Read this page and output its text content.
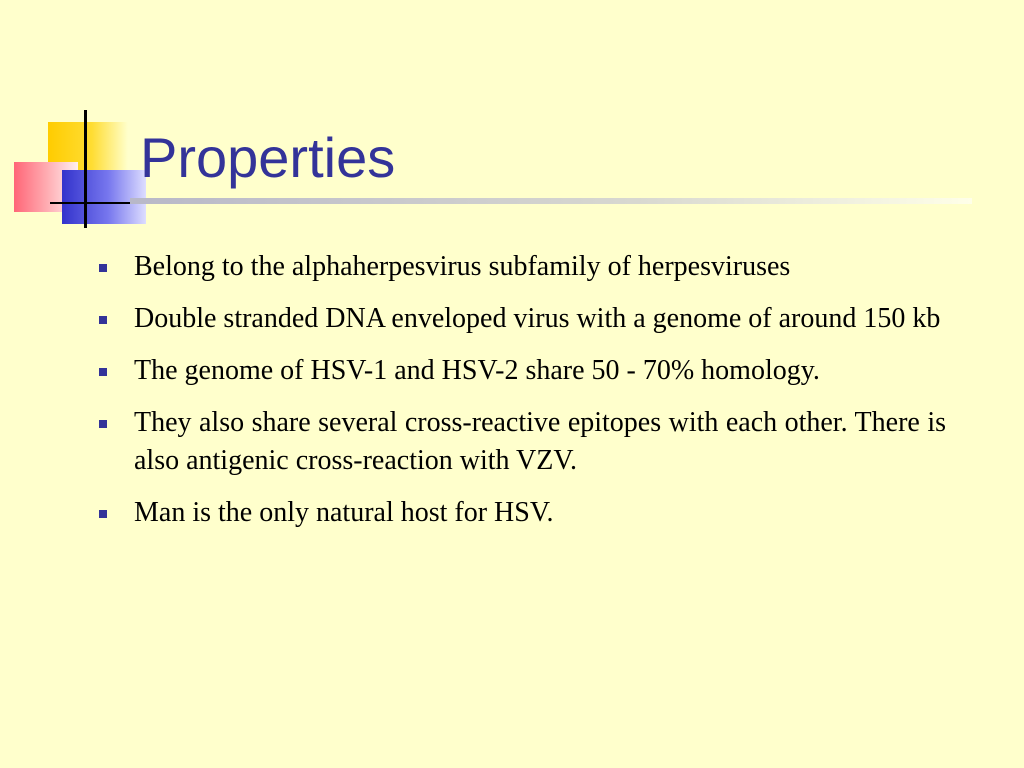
Properties
Belong to the alphaherpesvirus subfamily of herpesviruses
Double stranded DNA enveloped virus with a genome of around 150 kb
The genome of HSV-1 and HSV-2 share 50 - 70% homology.
They also share several cross-reactive epitopes with each other. There is also antigenic cross-reaction with VZV.
Man is the only natural host for HSV.
